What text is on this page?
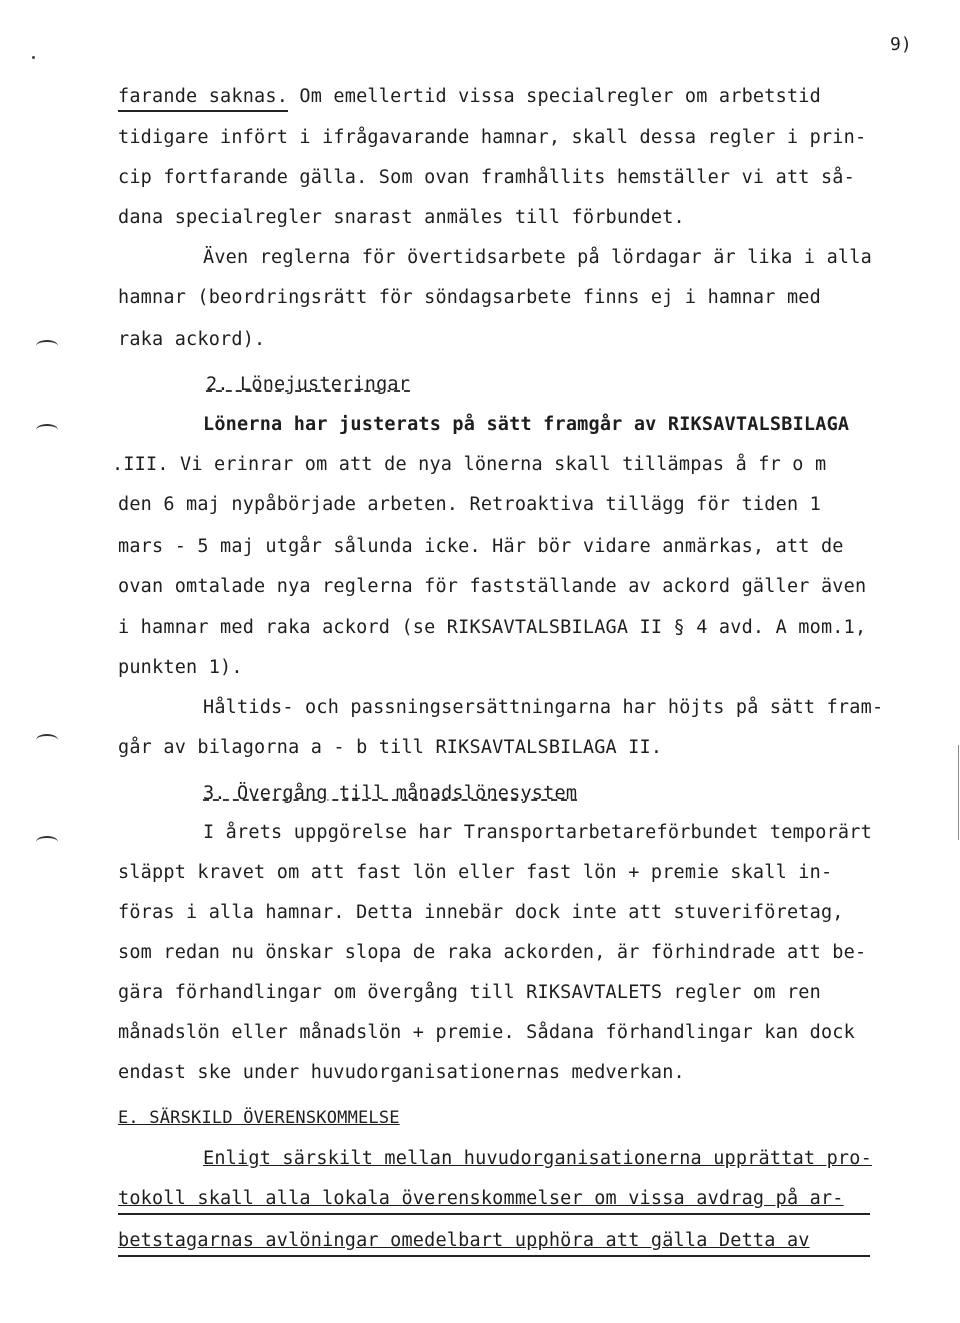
9)
farande saknas. Om emellertid vissa specialregler om arbetstid
tidigare infört i ifrågavarande hamnar, skall dessa regler i prin-
cip fortfarande gälla. Som ovan framhållits hemställer vi att så-
dana specialregler snarast anmäles till förbundet.
Även reglerna för övertidsarbete på lördagar är lika i alla
hamnar (beordringsrätt för söndagsarbete finns ej i hamnar med
raka ackord).
2. Lönejusteringar
Lönerna har justerats på sätt framgår av RIKSAVTALSBILAGA
.III. Vi erinrar om att de nya lönerna skall tillämpas å fr o m
den 6 maj nypåbörjade arbeten. Retroaktiva tillägg för tiden 1
mars - 5 maj utgår sålunda icke. Här bör vidare anmärkas, att de
ovan omtalade nya reglerna för fastställande av ackord gäller även
i hamnar med raka ackord (se RIKSAVTALSBILAGA II § 4 avd. A mom.1,
punkten 1).
Håltids- och passningsersättningarna har höjts på sätt fram-
går av bilagorna a - b till RIKSAVTALSBILAGA II.
3. Övergång till månadslönesystem
I årets uppgörelse har Transportarbetareförbundet temporärt
släppt kravet om att fast lön eller fast lön + premie skall in-
föras i alla hamnar. Detta innebär dock inte att stuveriföretag,
som redan nu önskar slopa de raka ackorden, är förhindrade att be-
gära förhandlingar om övergång till RIKSAVTALETS regler om ren
månadslön eller månadslön + premie. Sådana förhandlingar kan dock
endast ske under huvudorganisationernas medverkan.
E. SÄRSKILD ÖVERENSKOMMELSE
Enligt särskilt mellan huvudorganisationerna upprättat pro-
tokoll skall alla lokala överenskommelser om vissa avdrag på ar-
betstagarnas avlöningar omedelbart upphöra att gälla Detta av
